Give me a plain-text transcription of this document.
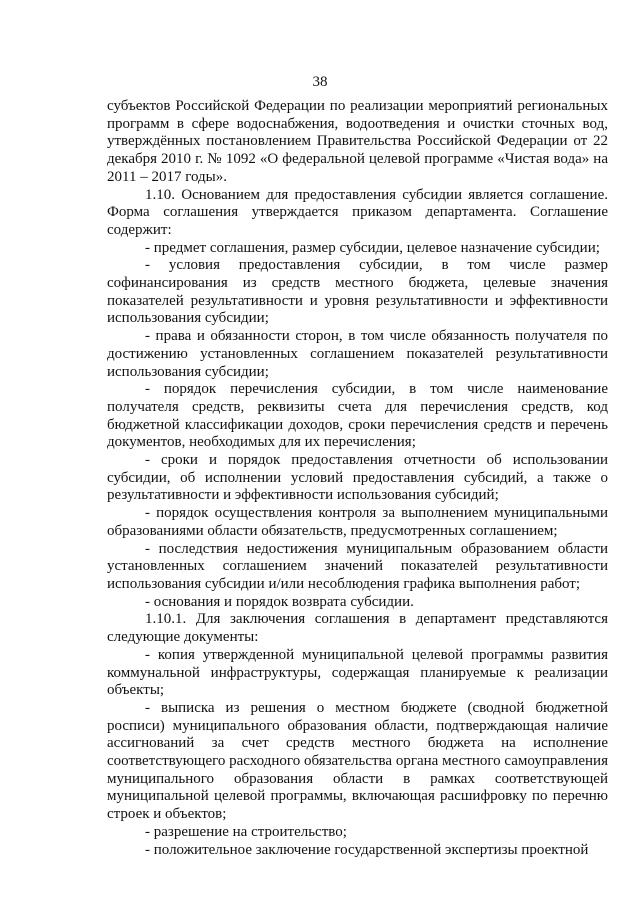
38

субъектов Российской Федерации по реализации мероприятий региональных программ в сфере водоснабжения, водоотведения и очистки сточных вод, утверждённых постановлением Правительства Российской Федерации от 22 декабря 2010 г. № 1092 «О федеральной целевой программе «Чистая вода» на 2011 – 2017 годы».

1.10. Основанием для предоставления субсидии является соглашение. Форма соглашения утверждается приказом департамента. Соглашение содержит:

- предмет соглашения, размер субсидии, целевое назначение субсидии;

- условия предоставления субсидии, в том числе размер софинансирования из средств местного бюджета, целевые значения показателей результативности и уровня результативности и эффективности использования субсидии;

- права и обязанности сторон, в том числе обязанность получателя по достижению установленных соглашением показателей результативности использования субсидии;

- порядок перечисления субсидии, в том числе наименование получателя средств, реквизиты счета для перечисления средств, код бюджетной классификации доходов, сроки перечисления средств и перечень документов, необходимых для их перечисления;

- сроки и порядок предоставления отчетности об использовании субсидии, об исполнении условий предоставления субсидий, а также о результативности и эффективности использования субсидий;

- порядок осуществления контроля за выполнением муниципальными образованиями области обязательств, предусмотренных соглашением;

- последствия недостижения муниципальным образованием области установленных соглашением значений показателей результативности использования субсидии и/или несоблюдения графика выполнения работ;

- основания и порядок возврата субсидии.

1.10.1. Для заключения соглашения в департамент представляются следующие документы:

- копия утвержденной муниципальной целевой программы развития коммунальной инфраструктуры, содержащая планируемые к реализации объекты;

- выписка из решения о местном бюджете (сводной бюджетной росписи) муниципального образования области, подтверждающая наличие ассигнований за счет средств местного бюджета на исполнение соответствующего расходного обязательства органа местного самоуправления муниципального образования области в рамках соответствующей муниципальной целевой программы, включающая расшифровку по перечню строек и объектов;

- разрешение на строительство;

- положительное заключение государственной экспертизы проектной
